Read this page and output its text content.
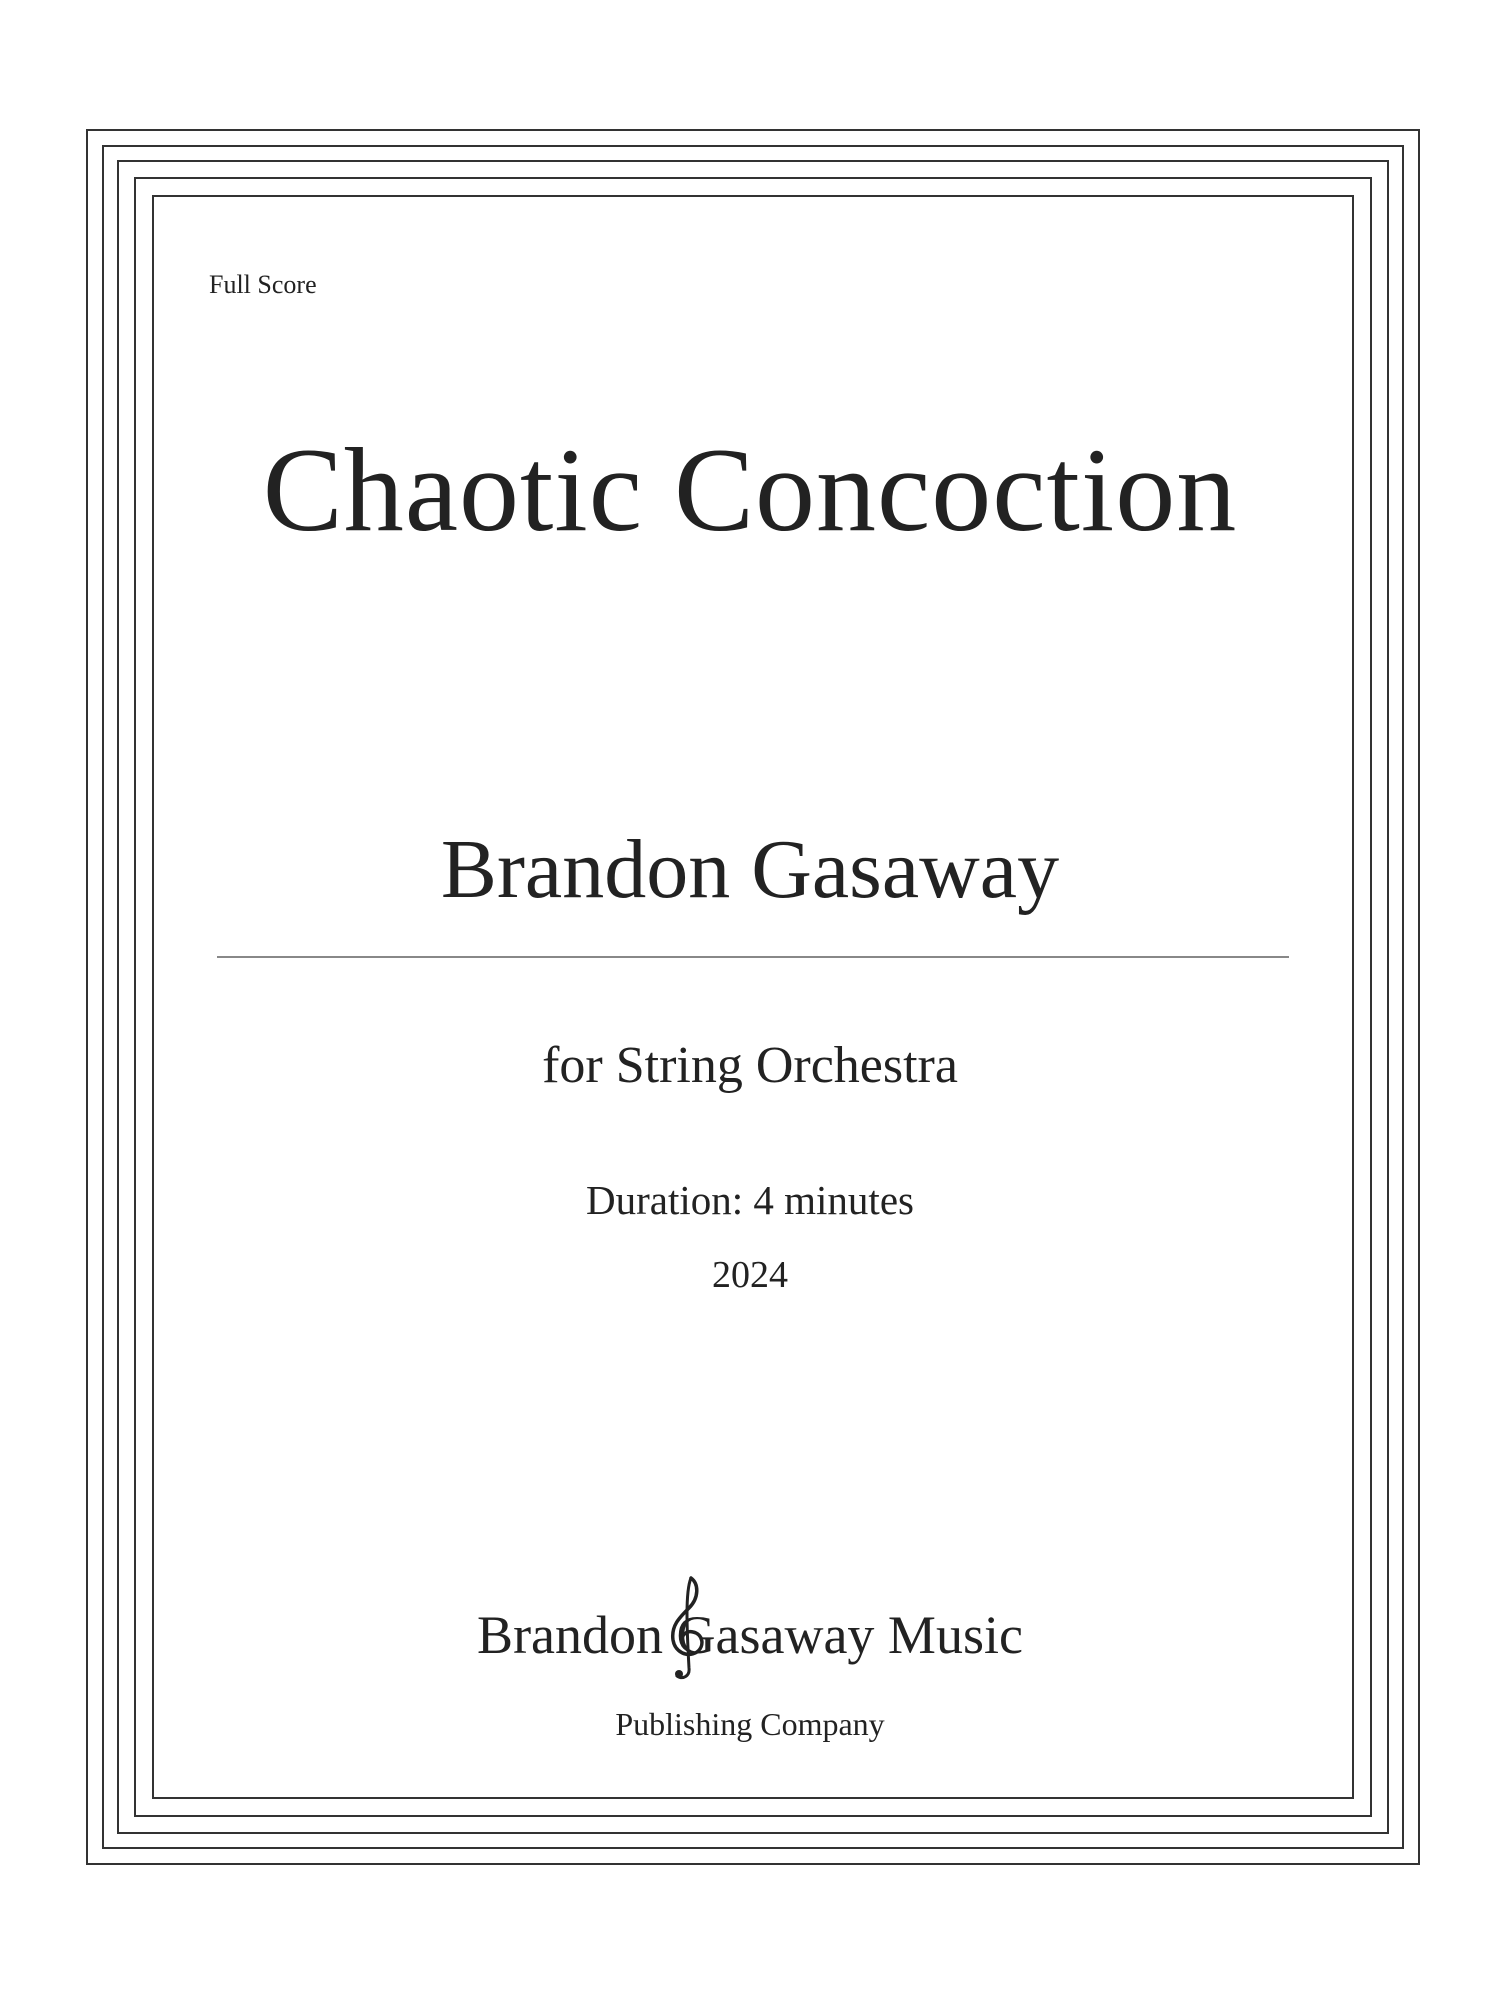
Full Score
Chaotic Concoction
Brandon Gasaway
for String Orchestra
Duration: 4 minutes
2024
Brandon Gasaway Music
Publishing Company
